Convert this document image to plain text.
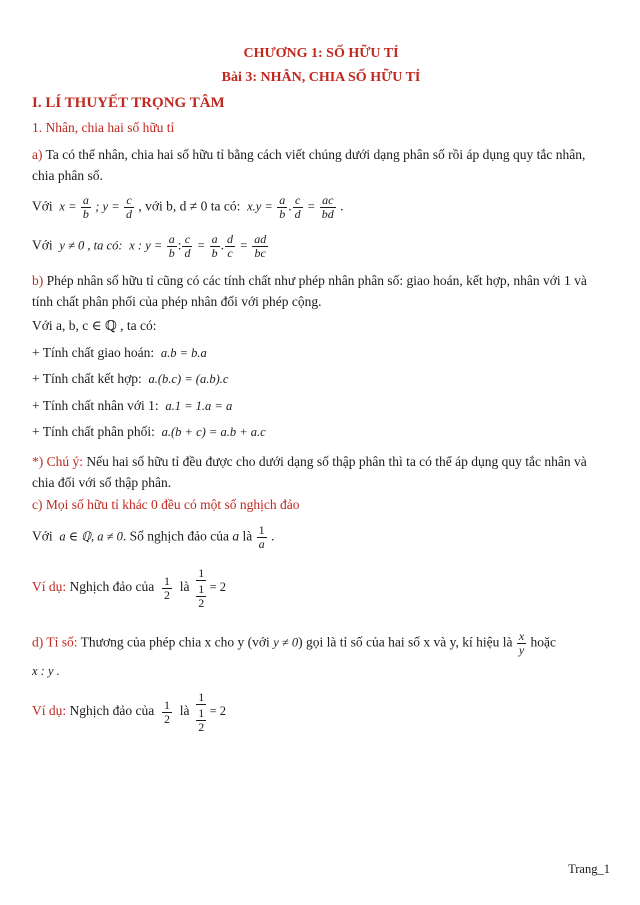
CHƯƠNG 1: SỐ HỮU TỈ
Bài 3: NHÂN, CHIA SỐ HỮU TỈ
I. LÍ THUYẾT TRỌNG TÂM
1. Nhân, chia hai số hữu tỉ
a) Ta có thể nhân, chia hai số hữu tỉ bằng cách viết chúng dưới dạng phân số rồi áp dụng quy tắc nhân, chia phân số.
Với $x = \frac{a}{b}$ ; $y = \frac{c}{d}$ , với b, d ≠ 0 ta có: $x.y = \frac{a}{b}$ . $\frac{c}{d} = \frac{ac}{bd}$ .
Với y ≠ 0 , ta có: x : $y = \frac{a}{b}$ : $\frac{c}{d} = \frac{a}{b}$ . $\frac{d}{c} = \frac{ad}{bc}$
b) Phép nhân số hữu tỉ cũng có các tính chất như phép nhân phân số: giao hoán, kết hợp, nhân với 1 và tính chất phân phối của phép nhân đối với phép cộng.
Với a, b, c ∈ ℚ , ta có:
+ Tính chất giao hoán: a.b = b.a
+ Tính chất kết hợp: a.(b.c) = (a.b).c
+ Tính chất nhân với 1: a.1 = 1.a = a
+ Tính chất phân phối: a.(b + c) = a.b + a.c
*) Chú ý: Nếu hai số hữu tỉ đều được cho dưới dạng số thập phân thì ta có thể áp dụng quy tắc nhân và chia đối với số thập phân.
c) Mọi số hữu tỉ khác 0 đều có một số nghịch đảo
Với a ∈ ℚ, a ≠ 0. Số nghịch đảo của a là $\frac{1}{a}$ .
Ví dụ: Nghịch đảo của $\frac{1}{2}$ là $\frac{1}{\frac{1}{2}} = 2$
d) Tỉ số: Thương của phép chia x cho y (với y ≠ 0) gọi là tỉ số của hai số x và y, kí hiệu là $\frac{x}{y}$ hoặc
x : y .
Ví dụ: Nghịch đảo của $\frac{1}{2}$ là $\frac{1}{\frac{1}{2}} = 2$
Trang_1
